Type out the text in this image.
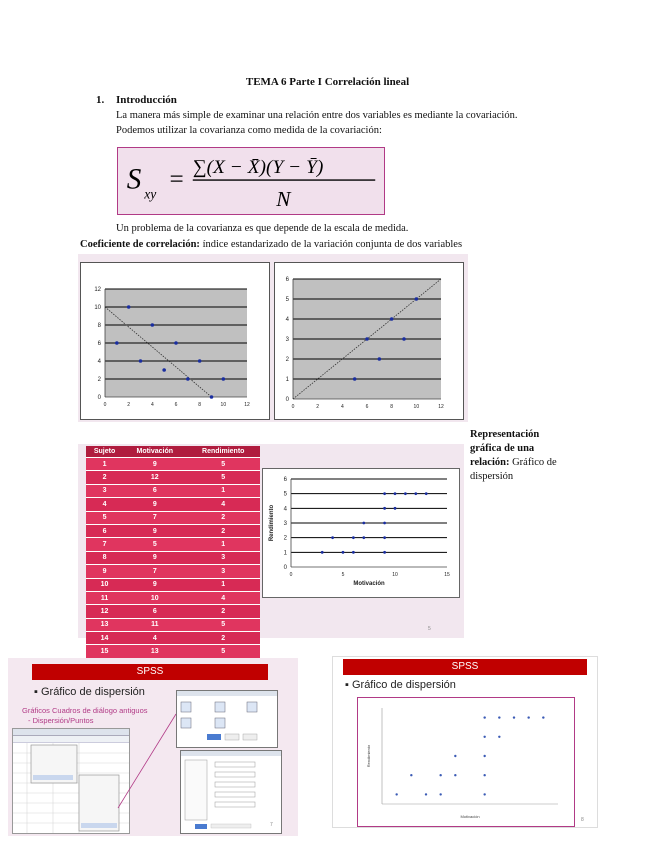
TEMA 6 Parte I Correlación lineal
1. Introducción
La manera más simple de examinar una relación entre dos variables es mediante la covariación.
Podemos utilizar la covarianza como medida de la covariación:
S xy
= ∑(X − X̄)(Y − Ȳ)
N
Un problema de la covarianza es que depende de la escala de medida.
Coeficiente de correlación: índice estandarizado de la variación conjunta de dos variables
0
2
4
6
8
10
12
0	2	4	6	8	10	12
0
1
2
3
4
5
6
0	2	4	6	8	10	12
Sujeto	Motivación	Rendimiento
1	9	5
2	12	5
3	6	1
4	9	4
5	7	2
6	9	2
7	5	1
8	9	3
9	7	3
10	9	1
11	10	4
12	6	2
13	11	5
14	4	2
15	13	5
0
1
2
3
4
5
6
0	5	10	15
Motivación
Rendimiento
5
Representación gráfica de una relación: Gráfico de dispersión
SPSS
▪ Gráfico de dispersión
Gráficos Cuadros de diálogo antiguos
- Dispersión/Puntos
7
SPSS
▪ Gráfico de dispersión
Motivación
Rendimiento
8
